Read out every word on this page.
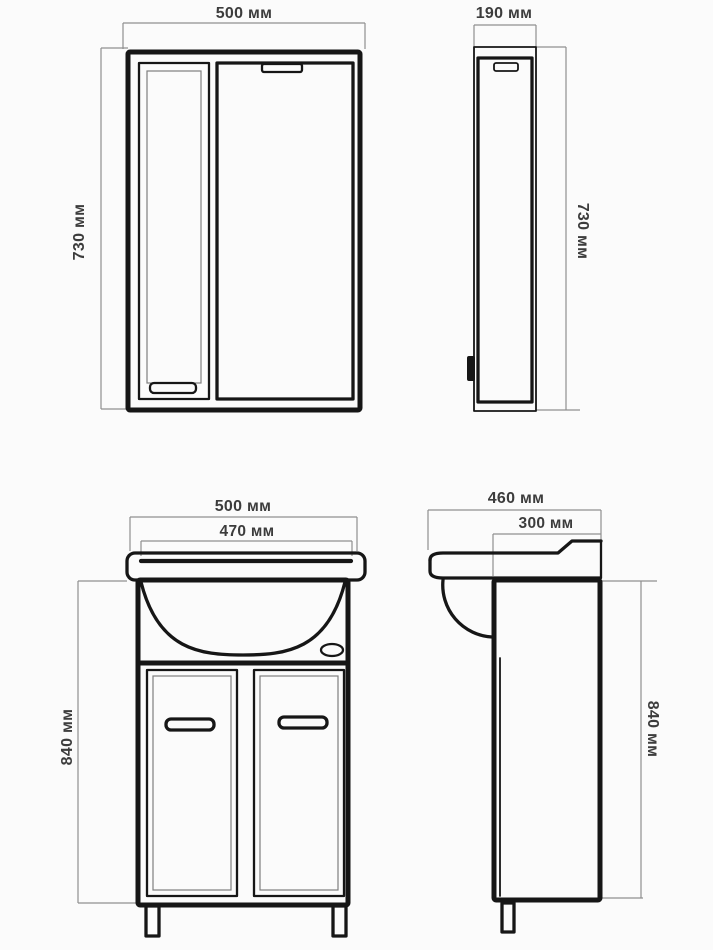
500 мм
730 мм
190 мм
730 мм
500 мм
470 мм
840 мм
460 мм
300 мм
840 мм
